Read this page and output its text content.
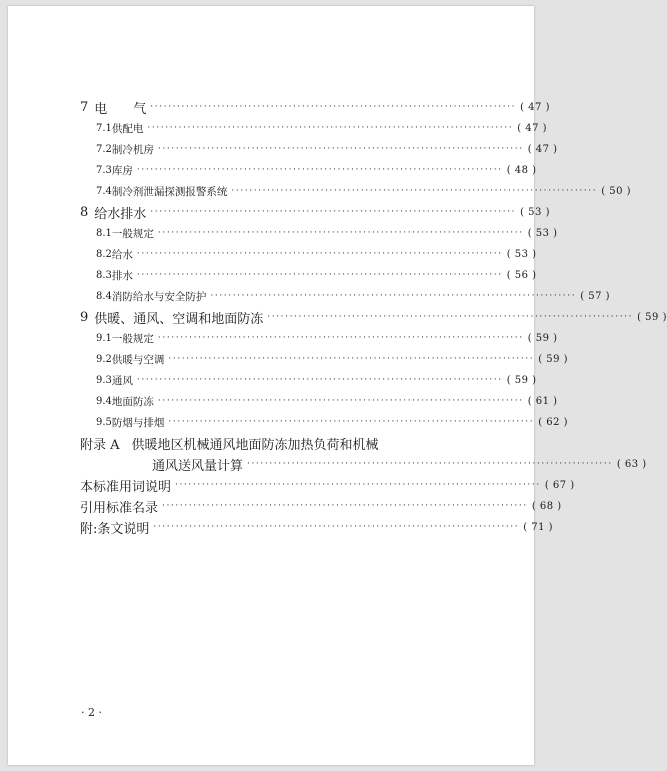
7 电　　气 ·················································································· ( 47 )
7.1 供配电 ·················································································· ( 47 )
7.2 制冷机房 ·················································································· ( 47 )
7.3 库房 ·················································································· ( 48 )
7.4 制冷剂泄漏探测报警系统 ·················································································· ( 50 )
8 给水排水 ·················································································· ( 53 )
8.1 一般规定 ·················································································· ( 53 )
8.2 给水 ·················································································· ( 53 )
8.3 排水 ·················································································· ( 56 )
8.4 消防给水与安全防护 ·················································································· ( 57 )
9 供暖、通风、空调和地面防冻 ·················································································· ( 59 )
9.1 一般规定 ·················································································· ( 59 )
9.2 供暖与空调 ·················································································· ( 59 )
9.3 通风 ·················································································· ( 59 )
9.4 地面防冻 ·················································································· ( 61 )
9.5 防烟与排烟 ·················································································· ( 62 )
附录 A 供暖地区机械通风地面防冻加热负荷和机械
通风送风量计算 ·················································································· ( 63 )
本标准用词说明 ·················································································· ( 67 )
引用标准名录 ·················································································· ( 68 )
附:条文说明 ·················································································· ( 71 )
· 2 ·
